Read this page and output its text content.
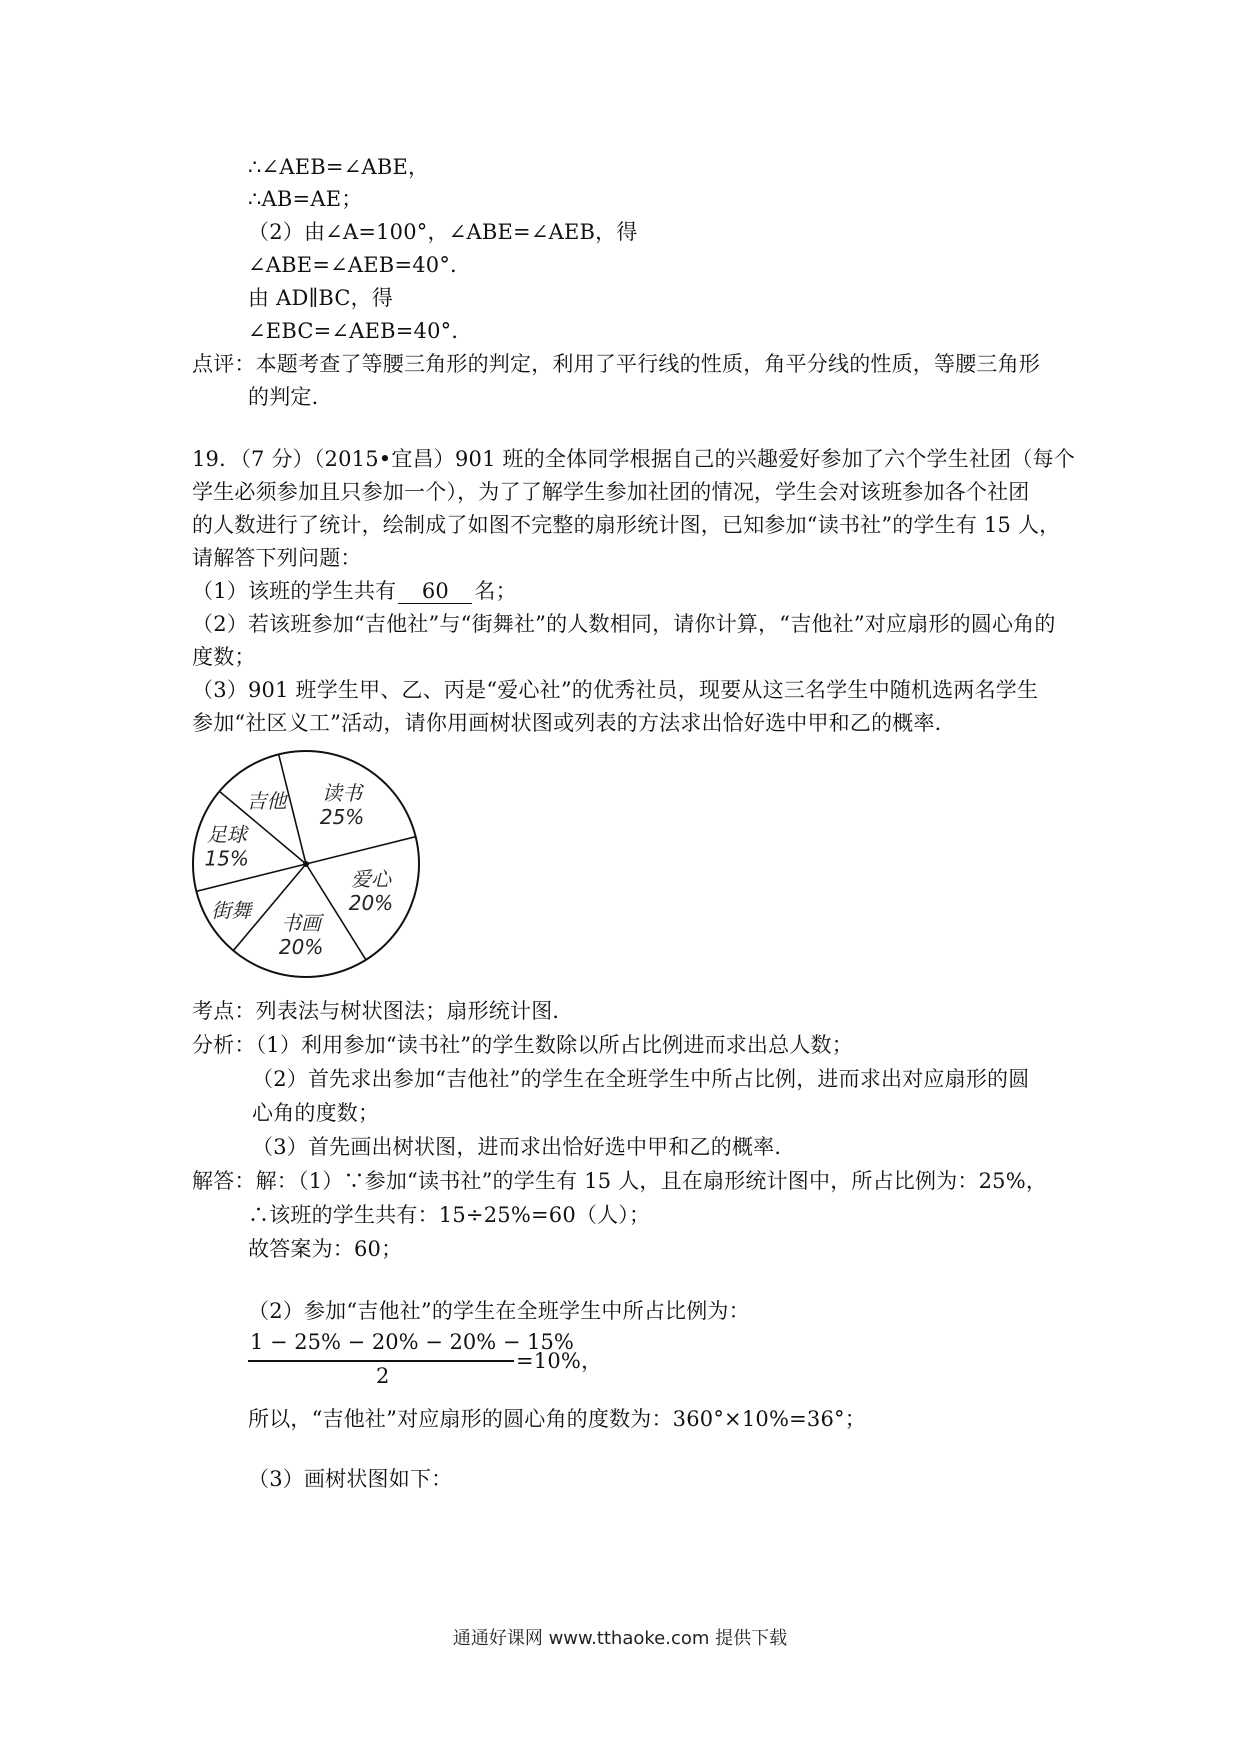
∴∠AEB=∠ABE，
∴AB=AE；
（2）由∠A=100°，∠ABE=∠AEB，得
∠ABE=∠AEB=40°．
由 AD∥BC，得
∠EBC=∠AEB=40°．
点评：本题考查了等腰三角形的判定，利用了平行线的性质，角平分线的性质，等腰三角形
的判定．
19．（7 分）（2015•宜昌）901 班的全体同学根据自己的兴趣爱好参加了六个学生社团（每个
学生必须参加且只参加一个），为了了解学生参加社团的情况，学生会对该班参加各个社团
的人数进行了统计，绘制成了如图不完整的扇形统计图，已知参加“读书社”的学生有 15 人，
请解答下列问题：
（1）该班的学生共有 60 名；
（2）若该班参加“吉他社”与“街舞社”的人数相同，请你计算，“吉他社”对应扇形的圆心角的
度数；
（3）901 班学生甲、乙、丙是“爱心社”的优秀社员，现要从这三名学生中随机选两名学生
参加“社区义工”活动，请你用画树状图或列表的方法求出恰好选中甲和乙的概率．
读书
25%
爱心
20%
书画
20%
街舞
足球
15%
吉他
考点：列表法与树状图法；扇形统计图．
分析：（1）利用参加“读书社”的学生数除以所占比例进而求出总人数；
（2）首先求出参加“吉他社”的学生在全班学生中所占比例，进而求出对应扇形的圆
心角的度数；
（3）首先画出树状图，进而求出恰好选中甲和乙的概率．
解答：解：（1）∵参加“读书社”的学生有 15 人，且在扇形统计图中，所占比例为：25%，
∴该班的学生共有：15÷25%=60（人）；
故答案为：60；
（2）参加“吉他社”的学生在全班学生中所占比例为：
1 − 25% − 20% − 20% − 15%
2
=10%，
所以，“吉他社”对应扇形的圆心角的度数为：360°×10%=36°；
（3）画树状图如下：
通通好课网 www.tthaoke.com 提供下载
